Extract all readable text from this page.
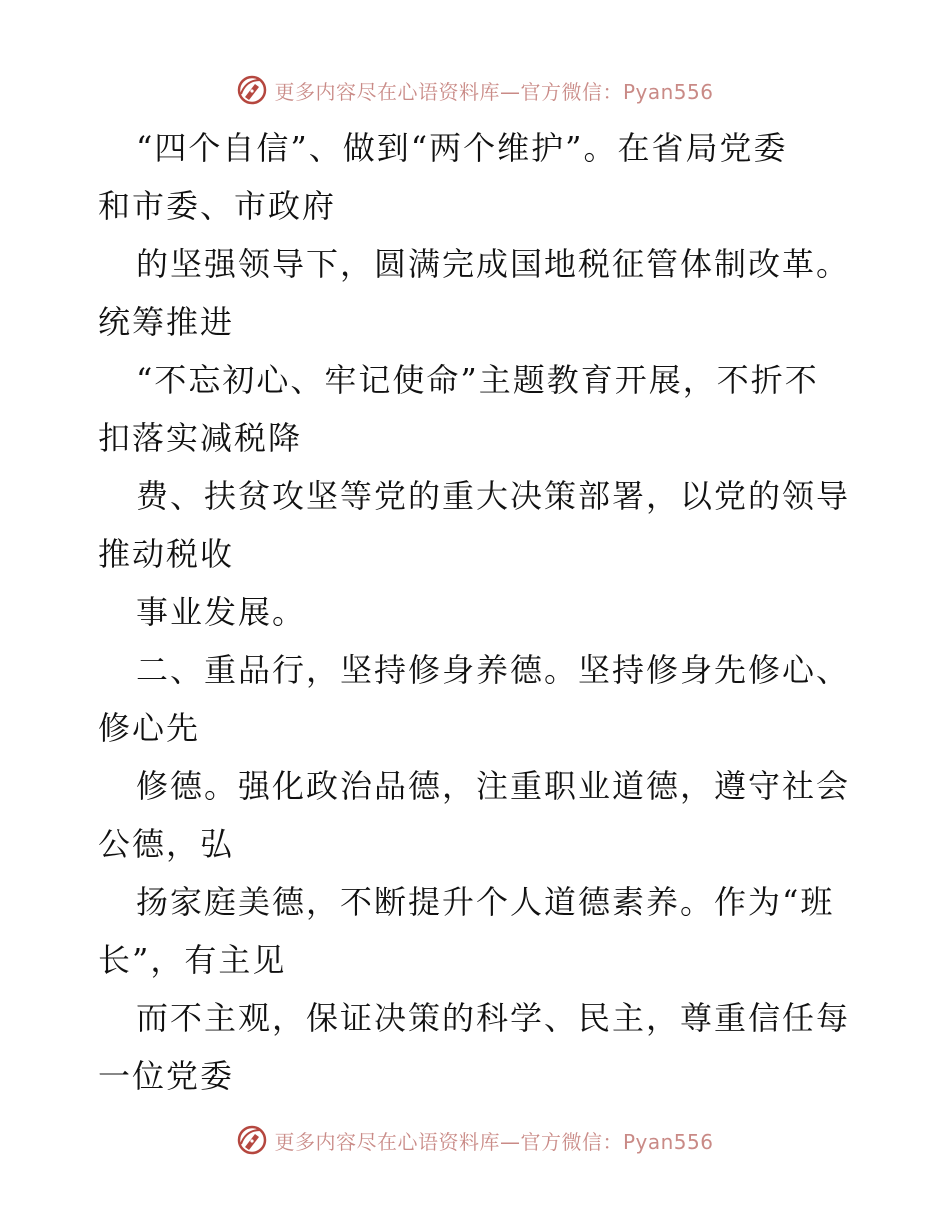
更多内容尽在心语资料库—官方微信：Pyan556
“四个自信”、做到“两个维护”。在省局党委
和市委、市政府
的坚强领导下，圆满完成国地税征管体制改革。
统筹推进
“不忘初心、牢记使命”主题教育开展，不折不
扣落实减税降
费、扶贫攻坚等党的重大决策部署，以党的领导
推动税收
事业发展。
二、重品行，坚持修身养德。坚持修身先修心、
修心先
修德。强化政治品德，注重职业道德，遵守社会
公德，弘
扬家庭美德，不断提升个人道德素养。作为“班
长”，有主见
而不主观，保证决策的科学、民主，尊重信任每
一位党委
更多内容尽在心语资料库—官方微信：Pyan556
